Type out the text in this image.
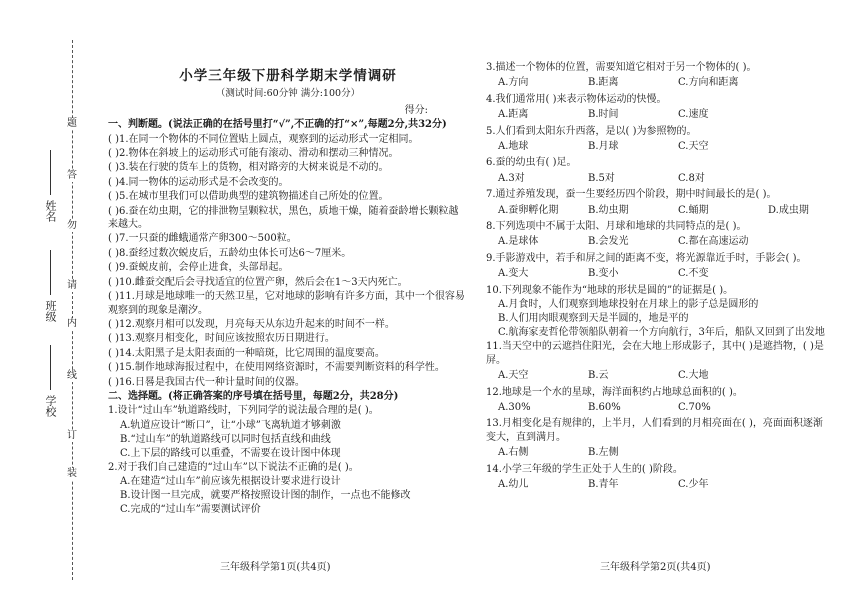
题
答
勿
请
内
线
订
装
姓名
班级
学校
小学三年级下册科学期末学情调研
（测试时间:60分钟 满分:100分）
得分:
一、判断题。(说法正确的在括号里打“√”,不正确的打“×”,每题2分,共32分)
( )1.在同一个物体的不同位置贴上圆点，观察到的运动形式一定相同。
( )2.物体在斜坡上的运动形式可能有滚动、滑动和摆动三种情况。
( )3.装在行驶的货车上的货物，相对路旁的大树来说是不动的。
( )4.同一物体的运动形式是不会改变的。
( )5.在城市里我们可以借助典型的建筑物描述自己所处的位置。
( )6.蚕在幼虫期，它的排泄物呈颗粒状，黑色，质地干燥，随着蚕龄增长颗粒越来越大。
( )7.一只蚕的雌蛾通常产卵300～500粒。
( )8.蚕经过数次蜕皮后，五龄幼虫体长可达6～7厘米。
( )9.蚕蜕皮前，会停止进食，头部昂起。
( )10.雌蚕交配后会寻找适宜的位置产卵，然后会在1～3天内死亡。
( )11.月球是地球唯一的天然卫星，它对地球的影响有许多方面，其中一个很容易观察到的现象是潮汐。
( )12.观察月相可以发现，月亮每天从东边升起来的时间不一样。
( )13.观察月相变化，时间应该按照农历日期进行。
( )14.太阳黑子是太阳表面的一种暗斑，比它周围的温度要高。
( )15.制作地球海报过程中，在使用网络资源时，不需要判断资料的科学性。
( )16.日晷是我国古代一种计量时间的仪器。
二、选择题。(将正确答案的序号填在括号里，每题2分，共28分)
1.设计“过山车”轨道路线时，下列同学的说法最合理的是( )。
A.轨道应设计“断口”，让“小球”飞离轨道才够刺激
B.“过山车”的轨道路线可以同时包括直线和曲线
C.上下层的路线可以重叠，不需要在设计图中体现
2.对于我们自己建造的“过山车”以下说法不正确的是( )。
A.在建造“过山车”前应该先根据设计要求进行设计
B.设计图一旦完成，就要严格按照设计图的制作，一点也不能修改
C.完成的“过山车”需要测试评价
3.描述一个物体的位置，需要知道它相对于另一个物体的( )。
A.方向	B.距离	C.方向和距离
4.我们通常用( )来表示物体运动的快慢。
A.距离	B.时间	C.速度
5.人们看到太阳东升西落，是以( )为参照物的。
A.地球	B.月球	C.天空
6.蚕的幼虫有( )足。
A.3对	B.5对	C.8对
7.通过养殖发现，蚕一生要经历四个阶段，期中时间最长的是( )。
A.蚕卵孵化期	B.幼虫期	C.蛹期	D.成虫期
8.下列选项中不属于太阳、月球和地球的共同特点的是( )。
A.是球体	B.会发光	C.都在高速运动
9.手影游戏中，若手和屏之间的距离不变，将光源靠近手时，手影会( )。
A.变大	B.变小	C.不变
10.下列现象不能作为“地球的形状是圆的”的证据是( )。
A.月食时，人们观察到地球投射在月球上的影子总是圆形的
B.人们用肉眼观察到天是半圆的，地是平的
C.航海家麦哲伦带领船队朝着一个方向航行，3年后，船队又回到了出发地
11.当天空中的云遮挡住阳光，会在大地上形成影子，其中( )是遮挡物，( )是屏。
A.天空	B.云	C.大地
12.地球是一个水的星球，海洋面积约占地球总面积的( )。
A.30%	B.60%	C.70%
13.月相变化是有规律的，上半月，人们看到的月相亮面在( )，亮面面积逐渐变大，直到满月。
A.右侧	B.左侧
14.小学三年级的学生正处于人生的( )阶段。
A.幼儿	B.青年	C.少年
三年级科学第1页(共4页)	三年级科学第2页(共4页)
